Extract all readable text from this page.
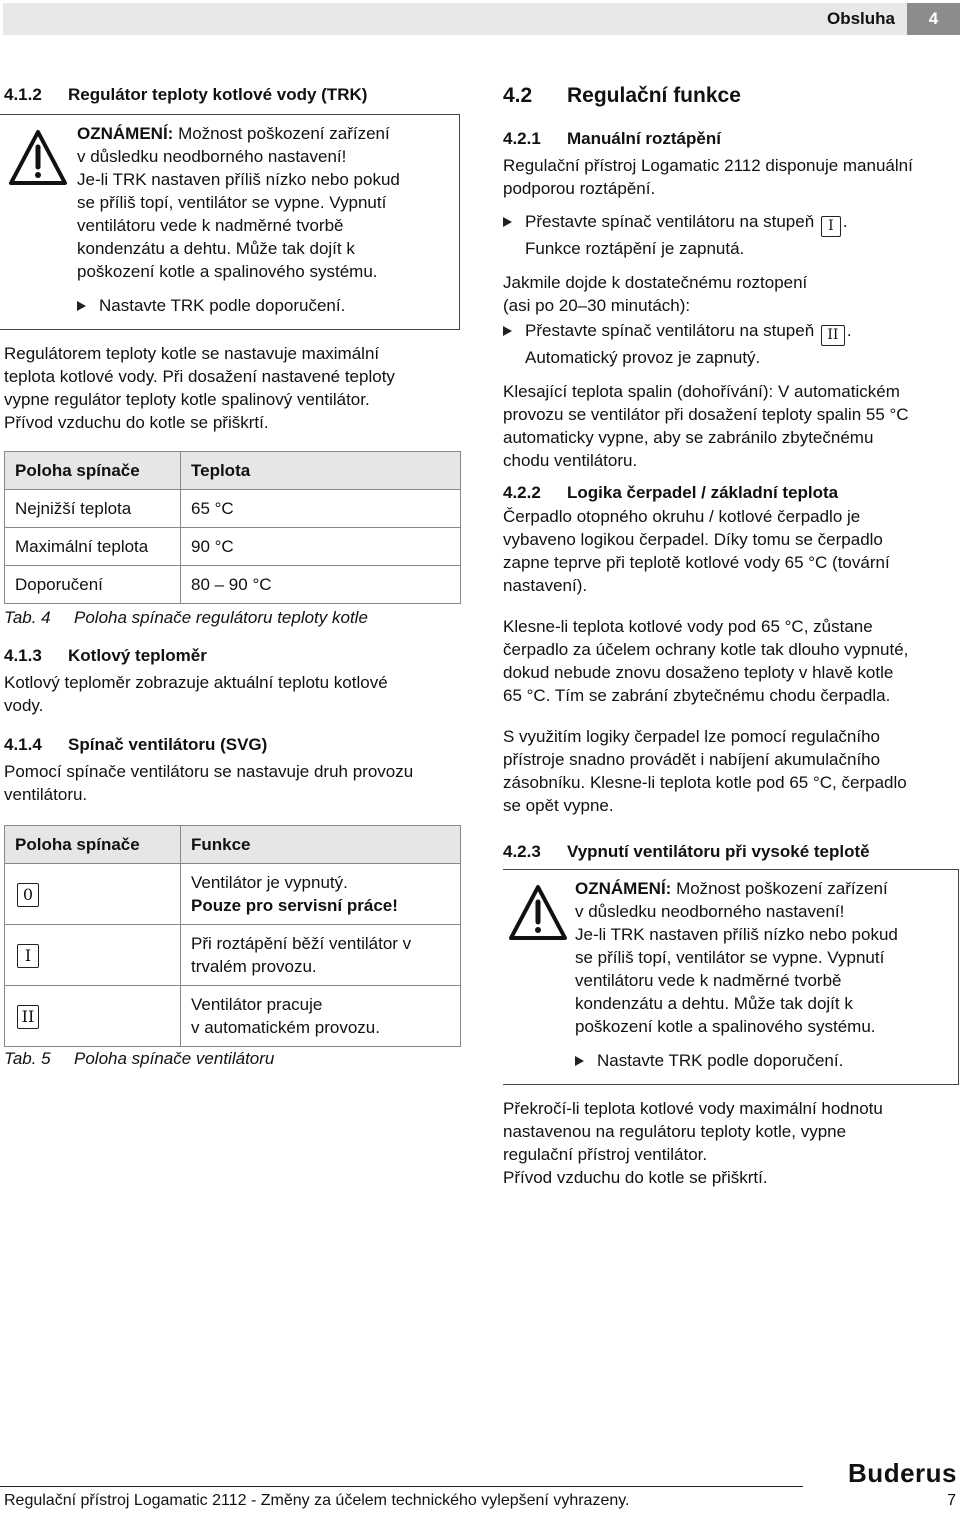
Obsluha	4
4.1.2 Regulátor teploty kotlové vody (TRK)
OZNÁMENÍ: Možnost poškození zařízení
v důsledku neodborného nastavení!
Je-li TRK nastaven příliš nízko nebo pokud
se příliš topí, ventilátor se vypne. Vypnutí
ventilátoru vede k nadměrné tvorbě
kondenzátu a dehtu. Může tak dojít k
poškození kotle a spalinového systému.
Nastavte TRK podle doporučení.
Regulátorem teploty kotle se nastavuje maximální
teplota kotlové vody. Při dosažení nastavené teploty
vypne regulátor teploty kotle spalinový ventilátor.
Přívod vzduchu do kotle se přiškrtí.
Poloha spínače	Teplota
Nejnižší teplota	65 °C
Maximální teplota	90 °C
Doporučení	80 – 90 °C
Tab. 4 Poloha spínače regulátoru teploty kotle
4.1.3 Kotlový teploměr
Kotlový teploměr zobrazuje aktuální teplotu kotlové
vody.
4.1.4 Spínač ventilátoru (SVG)
Pomocí spínače ventilátoru se nastavuje druh provozu
ventilátoru.
Poloha spínače	Funkce
0	Ventilátor je vypnutý.
Pouze pro servisní práce!

I	Při roztápění běží ventilátor v
trvalém provozu.

II	Ventilátor pracuje
v automatickém provozu.
Tab. 5 Poloha spínače ventilátoru
4.2 Regulační funkce
4.2.1 Manuální roztápění
Regulační přístroj Logamatic 2112 disponuje manuální
podporou roztápění.
Přestavte spínač ventilátoru na stupeň I .
Funkce roztápění je zapnutá.
Jakmile dojde k dostatečnému roztopení
(asi po 20–30 minutách):
Přestavte spínač ventilátoru na stupeň II .
Automatický provoz je zapnutý.
Klesající teplota spalin (dohořívání): V automatickém
provozu se ventilátor při dosažení teploty spalin 55 °C
automaticky vypne, aby se zabránilo zbytečnému
chodu ventilátoru.
4.2.2 Logika čerpadel / základní teplota
Čerpadlo otopného okruhu / kotlové čerpadlo je
vybaveno logikou čerpadel. Díky tomu se čerpadlo
zapne teprve při teplotě kotlové vody 65 °C (tovární
nastavení).
Klesne-li teplota kotlové vody pod 65 °C, zůstane
čerpadlo za účelem ochrany kotle tak dlouho vypnuté,
dokud nebude znovu dosaženo teploty v hlavě kotle
65 °C. Tím se zabrání zbytečnému chodu čerpadla.
S využitím logiky čerpadel lze pomocí regulačního
přístroje snadno provádět i nabíjení akumulačního
zásobníku. Klesne-li teplota kotle pod 65 °C, čerpadlo
se opět vypne.
4.2.3 Vypnutí ventilátoru při vysoké teplotě
OZNÁMENÍ: Možnost poškození zařízení
v důsledku neodborného nastavení!
Je-li TRK nastaven příliš nízko nebo pokud
se příliš topí, ventilátor se vypne. Vypnutí
ventilátoru vede k nadměrné tvorbě
kondenzátu a dehtu. Může tak dojít k
poškození kotle a spalinového systému.
Nastavte TRK podle doporučení.
Překročí-li teplota kotlové vody maximální hodnotu
nastavenou na regulátoru teploty kotle, vypne
regulační přístroj ventilátor.
Přívod vzduchu do kotle se přiškrtí.
Buderus
Regulační přístroj Logamatic 2112 - Změny za účelem technického vylepšení vyhrazeny.	7
